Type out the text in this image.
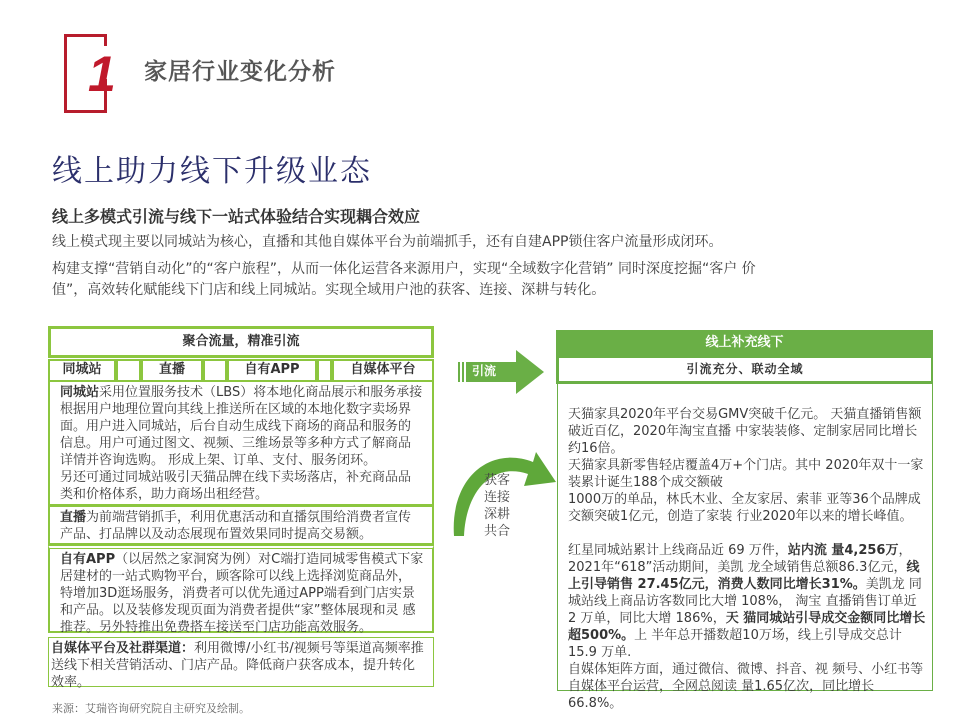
1 家居行业变化分析
线上助力线下升级业态
线上多模式引流与线下一站式体验结合实现耦合效应
线上模式现主要以同城站为核心，直播和其他自媒体平台为前端抓手，还有自建APP锁住客户流量形成闭环。
构建支撑“营销自动化”的“客户旅程”，从而一体化运营各来源用户，实现“全域数字化营销” 同时深度挖掘“客户 价
值”，高效转化赋能线下门店和线上同城站。实现全域用户池的获客、连接、深耕与转化。
聚合流量，精准引流
同城站	直播	自有APP	自媒体平台
同城站采用位置服务技术（LBS）将本地化商品展示和服务承接 根据用户地理位置向其线上推送所在区域的本地化数字卖场界 面。用户进入同城站，后台自动生成线下商场的商品和服务的 信息。用户可通过图文、视频、三维场景等多种方式了解商品 详情并咨询选购。 形成上架、订单、支付、服务闭环。
另还可通过同城站吸引天猫品牌在线下卖场落店，补充商品品 类和价格体系，助力商场出租经营。
直播为前端营销抓手，利用优惠活动和直播氛围给消费者宣传 产品、打品牌以及动态展现布置效果同时提高交易额。
自有APP（以居然之家洞窝为例）对C端打造同城零售模式下家 居建材的一站式购物平台，顾客除可以线上选择浏览商品外， 特增加3D逛场服务，消费者可以优先通过APP端看到门店实景 和产品。以及装修发现页面为消费者提供“家”整体展现和灵 感推荐。另外特推出免费搭车接送至门店功能高效服务。
自媒体平台及社群渠道：利用微博/小红书/视频号等渠道高频率推送线下相关营销活动、门店产品。降低商户获客成本，提升转化效率。
引流
获客
连接
深耕
共合
线上补充线下
引流充分、联动全域

天猫家具2020年平台交易GMV突破千亿元。 天猫直播销售额破近百亿，2020年淘宝直播 中家装装修、定制家居同比增长约16倍。

天猫家具新零售轻店覆盖4万+个门店。其中 2020年双十一家装累计诞生188个成交额破

1000万的单品，林氏木业、全友家居、索菲 亚等36个品牌成交额突破1亿元，创造了家装 行业2020年以来的增长峰值。

红星同城站累计上线商品近 69 万件，站内流 量4,256万，2021年“618”活动期间，美凯 龙全域销售总额86.3亿元，线上引导销售 27.45亿元，消费人数同比增长31%。美凯龙 同城站线上商品访客数同比大增 108%， 淘宝 直播销售订单近 2 万单，同比大增 186%，天 猫同城站引导成交金额同比增长超500%。上 半年总开播数超10万场，线上引导成交总计15.9 万单.

自媒体矩阵方面，通过微信、微博、抖音、视 频号、小红书等自媒体平台运营，全网总阅读 量1.65亿次，同比增长66.8%。

来源：艾瑞咨询研究院自主研究及绘制。
